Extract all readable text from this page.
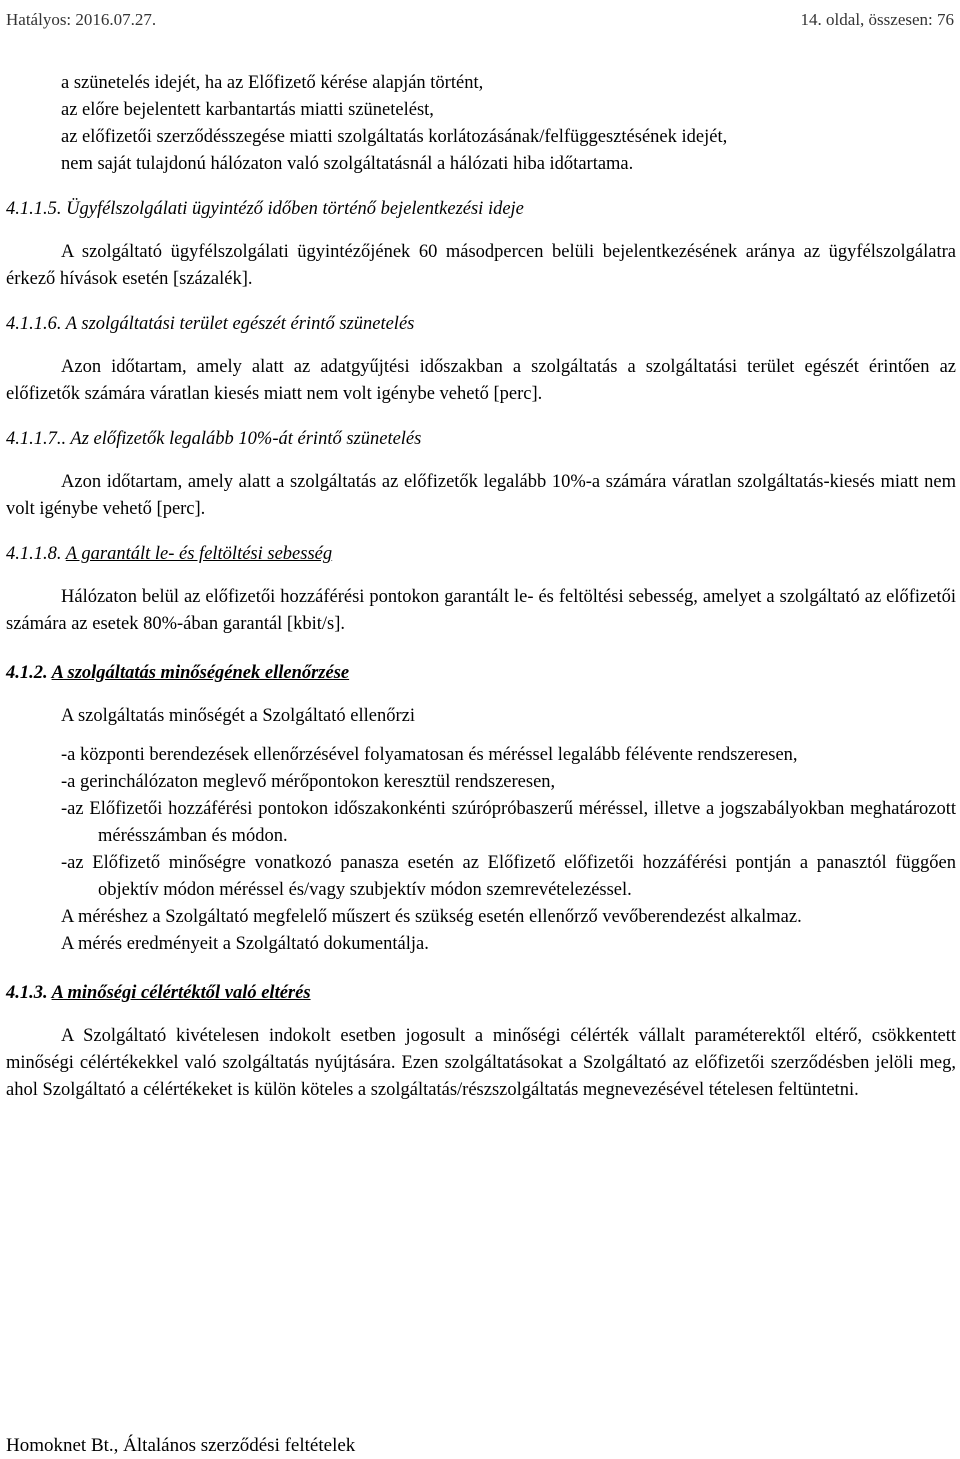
Hatályos: 2016.07.27.	14. oldal, összesen: 76

a szünetelés idejét, ha az Előfizető kérése alapján történt,

az előre bejelentett karbantartás miatti szünetelést,

az előfizetői szerződésszegése miatti szolgáltatás korlátozásának/felfüggesztésének idejét,

nem saját tulajdonú hálózaton való szolgáltatásnál a hálózati hiba időtartama.

4.1.1.5. Ügyfélszolgálati ügyintéző időben történő bejelentkezési ideje

A szolgáltató ügyfélszolgálati ügyintézőjének 60 másodpercen belüli bejelentkezésének aránya az ügyfélszolgálatra érkező hívások esetén [százalék].

4.1.1.6. A szolgáltatási terület egészét érintő szünetelés

Azon időtartam, amely alatt az adatgyűjtési időszakban a szolgáltatás a szolgáltatási terület egészét érintően az előfizetők számára váratlan kiesés miatt nem volt igénybe vehető [perc].

4.1.1.7.. Az előfizetők legalább 10%-át érintő szünetelés

Azon időtartam, amely alatt a szolgáltatás az előfizetők legalább 10%-a számára váratlan szolgáltatás-kiesés miatt nem volt igénybe vehető [perc].

4.1.1.8. A garantált le- és feltöltési sebesség

Hálózaton belül az előfizetői hozzáférési pontokon garantált le- és feltöltési sebesség, amelyet a szolgáltató az előfizetői számára az esetek 80%-ában garantál [kbit/s].

4.1.2. A szolgáltatás minőségének ellenőrzése

A szolgáltatás minőségét a Szolgáltató ellenőrzi

-a központi berendezések ellenőrzésével folyamatosan és méréssel legalább félévente rendszeresen,

-a gerinchálózaton meglevő mérőpontokon keresztül rendszeresen,

-az Előfizetői hozzáférési pontokon időszakonkénti szúrópróbaszerű méréssel, illetve a jogszabályokban meghatározott mérésszámban és módon.

-az Előfizető minőségre vonatkozó panasza esetén az Előfizető előfizetői hozzáférési pontján a panasztól függően objektív módon méréssel és/vagy szubjektív módon szemrevételezéssel.

A méréshez a Szolgáltató megfelelő műszert és szükség esetén ellenőrző vevőberendezést alkalmaz.

A mérés eredményeit a Szolgáltató dokumentálja.

4.1.3. A minőségi célértéktől való eltérés

A Szolgáltató kivételesen indokolt esetben jogosult a minőségi célérték vállalt paraméterektől eltérő, csökkentett minőségi célértékekkel való szolgáltatás nyújtására. Ezen szolgáltatásokat a Szolgáltató az előfizetői szerződésben jelöli meg, ahol Szolgáltató a célértékeket is külön köteles a szolgáltatás/részszolgáltatás megnevezésével tételesen feltüntetni.

Homoknet Bt., Általános szerződési feltételek
